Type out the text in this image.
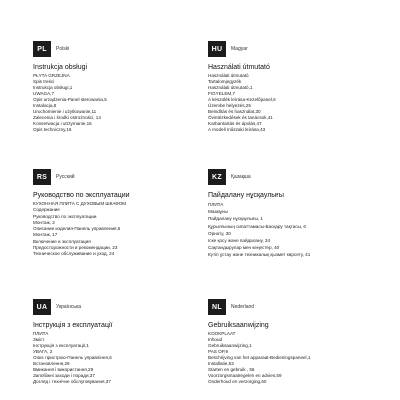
PL	Polski
Instrukcja obsługi
PŁYTA GRZEJNA
Spis treści
Instrukcja obsługi,1
UWAGA,7
Opis urządzenia-Panel sterowania,5
Instalacja,8
Uruchomienie i użytkowanie,11
Zalecenia i środki ostrożności, 14
Konserwacja i utrzymanie,15
Opis techniczny,16
HU	Magyar
Használati útmutató
Használati útmutató
Tartalomjegyzék
Használati útmutató,1
FIGYELEM,7
A készülék leírása-Kezelőpanel,6
Üzembe helyezés,25
Beindítás és használat,30
Óvintézkedések és tanácsok,41
Karbantartás és ápolás,47
A modell műszaki leírása,43
RS	Русский
Руководство по эксплуатации
КУХОННАЯ ПЛИТА С ДУХОВЫМ ШКАФОМ
Содержание
Руководство по эксплуатации
Монтаж, 2
Описание изделия-Панель управления,5
Монтаж, 17
Включение и эксплуатация
Предосторожности и рекомендации, 23
Техническое обслуживание и уход, 24
KZ	Қазақша
Пайдалану нұсқаулығы
ПЛИТА
Мазмұны
Пайдалану нұсқаулығы, 1
Құрылғының сипаттамасы-Басқару тақтасы, 6
Орнату, 30
Іске қосу және пайдалану, 34
Сақтандырулар мен кеңестер, 40
Күтіп ұстау және техникалық қызмет көрсету, 41
UA	Українська
Інструкція з експлуатації
ПЛИТА
Зміст
Інструкція з експлуатації,1
УВАГА, 2
Опис пристрою-Панель управління,6
Встановлення,26
Вмикання і використання,29
Запобіжні заходи і поради,37
Догляд і технічне обслуговування,37
NL	Nederland
Gebruiksaanwijzing
KOOKPLAAT
Inhoud
Gebruiksaanwijzing,1
PAS OP,9
Beschrijving van het apparaat-Bedieningspaneel,1
Installatie,53
Starten en gebruik , 56
Voorzorgsmaatregelen en advies,59
Onderhoud en verzorging,60
